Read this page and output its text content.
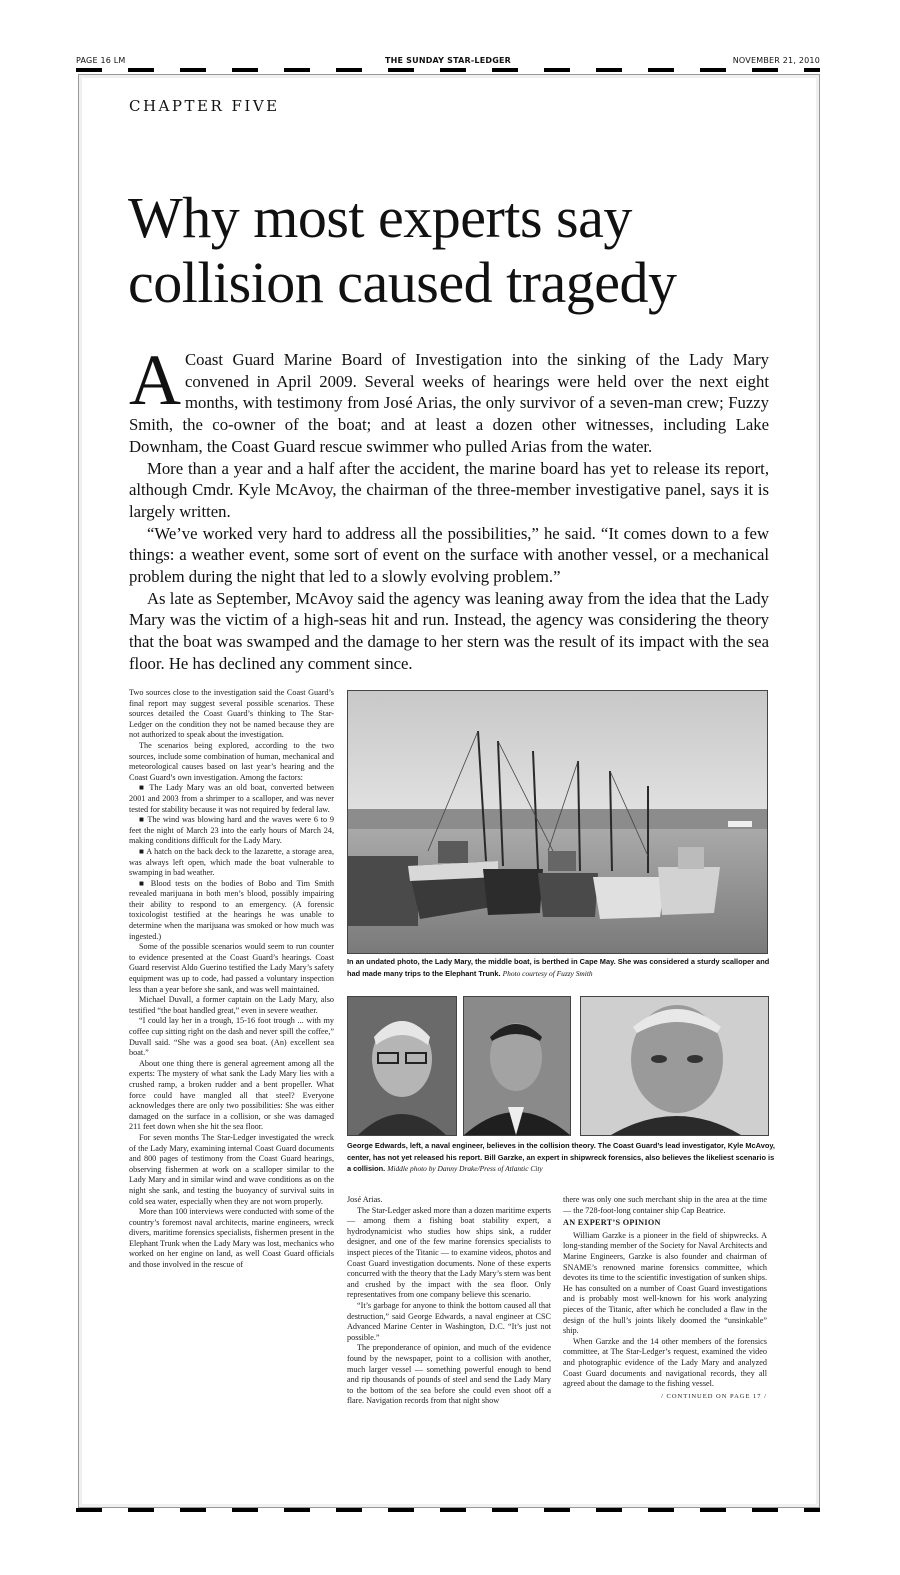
PAGE 16 LM	THE SUNDAY STAR-LEDGER	NOVEMBER 21, 2010
CHAPTER FIVE
Why most experts say collision caused tragedy

A Coast Guard Marine Board of Investigation into the sinking of the Lady Mary convened in April 2009. Several weeks of hearings were held over the next eight months, with testimony from José Arias, the only survivor of a seven-man crew; Fuzzy Smith, the co-owner of the boat; and at least a dozen other witnesses, including Lake Downham, the Coast Guard rescue swimmer who pulled Arias from the water.

More than a year and a half after the accident, the marine board has yet to release its report, although Cmdr. Kyle McAvoy, the chairman of the three-member investigative panel, says it is largely written.

“We’ve worked very hard to address all the possibilities,” he said. “It comes down to a few things: a weather event, some sort of event on the surface with another vessel, or a mechanical problem during the night that led to a slowly evolving problem.”

As late as September, McAvoy said the agency was leaning away from the idea that the Lady Mary was the victim of a high-seas hit and run. Instead, the agency was considering the theory that the boat was swamped and the damage to her stern was the result of its impact with the sea floor. He has declined any comment since.

Two sources close to the investigation said the Coast Guard’s final report may suggest several possible scenarios. These sources detailed the Coast Guard’s thinking to The Star-Ledger on the condition they not be named because they are not authorized to speak about the investigation.

The scenarios being explored, according to the two sources, include some combination of human, mechanical and meteorological causes based on last year’s hearing and the Coast Guard’s own investigation. Among the factors:

■ The Lady Mary was an old boat, converted between 2001 and 2003 from a shrimper to a scalloper, and was never tested for stability because it was not required by federal law.

■ The wind was blowing hard and the waves were 6 to 9 feet the night of March 23 into the early hours of March 24, making conditions difficult for the Lady Mary.

■ A hatch on the back deck to the lazarette, a storage area, was always left open, which made the boat vulnerable to swamping in bad weather.

■ Blood tests on the bodies of Bobo and Tim Smith revealed marijuana in both men’s blood, possibly impairing their ability to respond to an emergency. (A forensic toxicologist testified at the hearings he was unable to determine when the marijuana was smoked or how much was ingested.)

Some of the possible scenarios would seem to run counter to evidence presented at the Coast Guard’s hearings. Coast Guard reservist Aldo Guerino testified the Lady Mary’s safety equipment was up to code, had passed a voluntary inspection less than a year before she sank, and was well maintained.

Michael Duvall, a former captain on the Lady Mary, also testified “the boat handled great,” even in severe weather.

“I could lay her in a trough, 15-16 foot trough ... with my coffee cup sitting right on the dash and never spill the coffee,” Duvall said. “She was a good sea boat. (An) excellent sea boat.”

About one thing there is general agreement among all the experts: The mystery of what sank the Lady Mary lies with a crushed ramp, a broken rudder and a bent propeller. What force could have mangled all that steel? Everyone acknowledges there are only two possibilities: She was either damaged on the surface in a collision, or she was damaged 211 feet down when she hit the sea floor.

For seven months The Star-Ledger investigated the wreck of the Lady Mary, examining internal Coast Guard documents and 800 pages of testimony from the Coast Guard hearings, observing fishermen at work on a scalloper similar to the Lady Mary and in similar wind and wave conditions as on the night she sank, and testing the buoyancy of survival suits in cold sea water, especially when they are not worn properly.

More than 100 interviews were conducted with some of the country’s foremost naval architects, marine engineers, wreck divers, maritime forensics specialists, fishermen present in the Elephant Trunk when the Lady Mary was lost, mechanics who worked on her engine on land, as well Coast Guard officials and those involved in the rescue of

In an undated photo, the Lady Mary, the middle boat, is berthed in Cape May. She was considered a sturdy scalloper and had made many trips to the Elephant Trunk. Photo courtesy of Fuzzy Smith
George Edwards, left, a naval engineer, believes in the collision theory. The Coast Guard’s lead investigator, Kyle McAvoy, center, has not yet released his report. Bill Garzke, an expert in shipwreck forensics, also believes the likeliest scenario is a collision. Middle photo by Danny Drake/Press of Atlantic City

José Arias.

The Star-Ledger asked more than a dozen maritime experts — among them a fishing boat stability expert, a hydrodynamicist who studies how ships sink, a rudder designer, and one of the few marine forensics specialists to inspect pieces of the Titanic — to examine videos, photos and Coast Guard investigation documents. None of these experts concurred with the theory that the Lady Mary’s stern was bent and crushed by the impact with the sea floor. Only representatives from one company believe this scenario.

“It’s garbage for anyone to think the bottom caused all that destruction,” said George Edwards, a naval engineer at CSC Advanced Marine Center in Washington, D.C. “It’s just not possible.”

The preponderance of opinion, and much of the evidence found by the newspaper, point to a collision with another, much larger vessel — something powerful enough to bend and rip thousands of pounds of steel and send the Lady Mary to the bottom of the sea before she could even shoot off a flare. Navigation records from that night show

there was only one such merchant ship in the area at the time — the 728-foot-long container ship Cap Beatrice.

AN EXPERT’S OPINION

William Garzke is a pioneer in the field of shipwrecks. A long-standing member of the Society for Naval Architects and Marine Engineers, Garzke is also founder and chairman of SNAME’s renowned marine forensics committee, which devotes its time to the scientific investigation of sunken ships. He has consulted on a number of Coast Guard investigations and is probably most well-known for his work analyzing pieces of the Titanic, after which he concluded a flaw in the design of the hull’s joints likely doomed the “unsinkable” ship.

When Garzke and the 14 other members of the forensics committee, at The Star-Ledger’s request, examined the video and photographic evidence of the Lady Mary and analyzed Coast Guard documents and navigational records, they all agreed about the damage to the fishing vessel.

/ CONTINUED ON PAGE 17 /
